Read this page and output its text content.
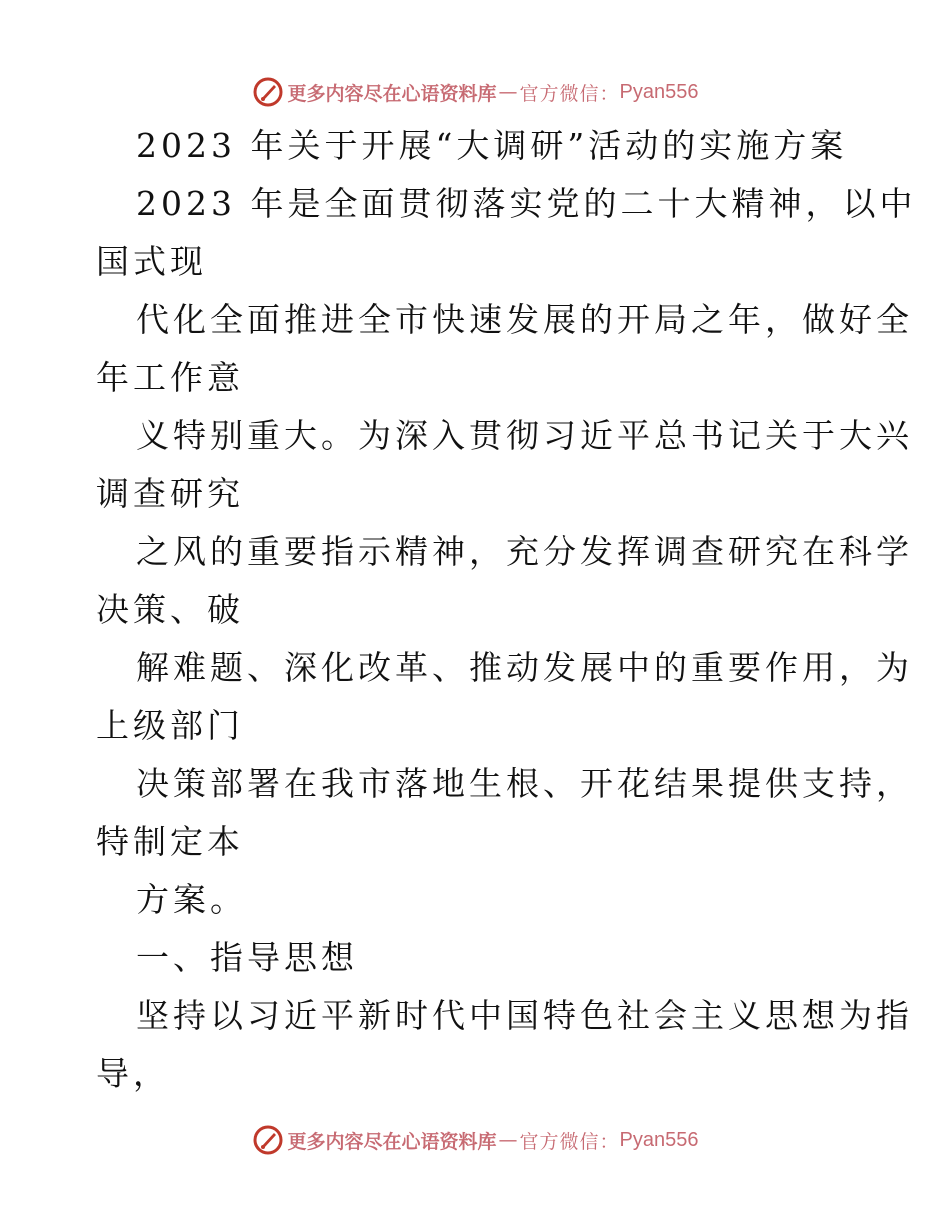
更多内容尽在心语资料库 — 官方微信： Pyan556

2023 年关于开展“大调研”活动的实施方案

2023 年是全面贯彻落实党的二十大精神，以中

国式现

代化全面推进全市快速发展的开局之年，做好全

年工作意

义特别重大。为深入贯彻习近平总书记关于大兴

调查研究

之风的重要指示精神，充分发挥调查研究在科学

决策、破

解难题、深化改革、推动发展中的重要作用，为

上级部门

决策部署在我市落地生根、开花结果提供支持，

特制定本

方案。

一、指导思想

坚持以习近平新时代中国特色社会主义思想为指

导，

更多内容尽在心语资料库 — 官方微信： Pyan556
